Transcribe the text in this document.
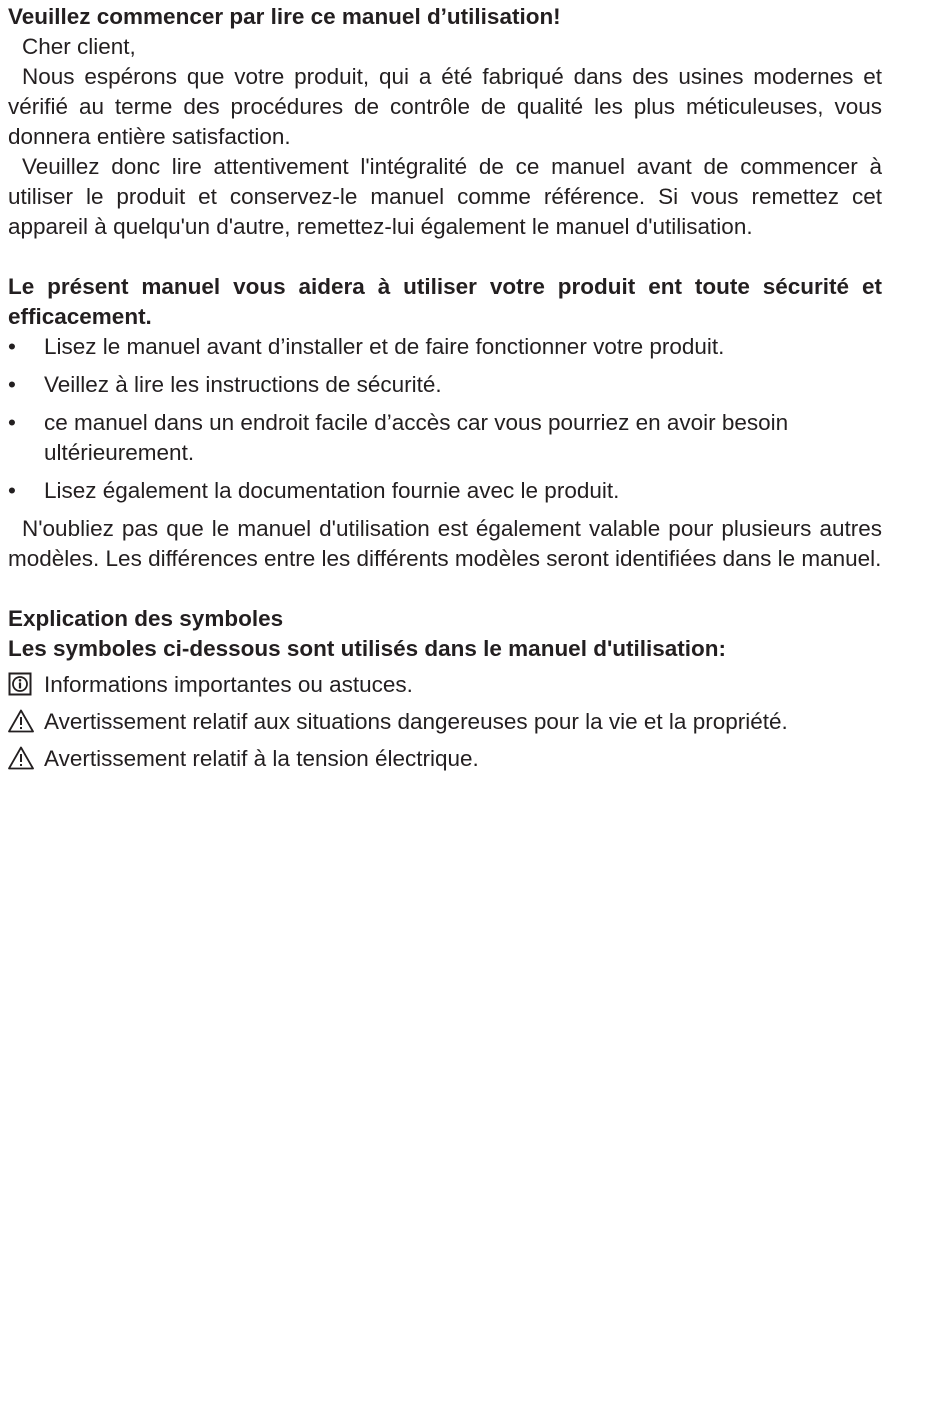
Veuillez commencer par lire ce manuel d’utilisation!

Cher client,

Nous espérons que votre produit, qui a été fabriqué dans des usines modernes et vérifié au terme des procédures de contrôle de qualité les plus méticuleuses, vous donnera entière satisfaction.

Veuillez donc lire attentivement l'intégralité de ce manuel avant de commencer à utiliser le produit et conservez-le manuel comme référence. Si vous remettez cet appareil à quelqu'un d'autre, remettez-lui également le manuel d'utilisation.

Le présent manuel vous aidera à utiliser votre produit ent toute sécurité et efficacement.

• Lisez le manuel avant d’installer et de faire fonctionner votre produit.
• Veillez à lire les instructions de sécurité.
• ce manuel dans un endroit facile d’accès car vous pourriez en avoir besoin ultérieurement.
• Lisez également la documentation fournie avec le produit.

N'oubliez pas que le manuel d'utilisation est également valable pour plusieurs autres modèles. Les différences entre les différents modèles seront identifiées dans le manuel.

Explication des symboles

Les symboles ci-dessous sont utilisés dans le manuel d'utilisation:

Informations importantes ou astuces.
Avertissement relatif aux situations dangereuses pour la vie et la propriété.
Avertissement relatif à la tension électrique.
